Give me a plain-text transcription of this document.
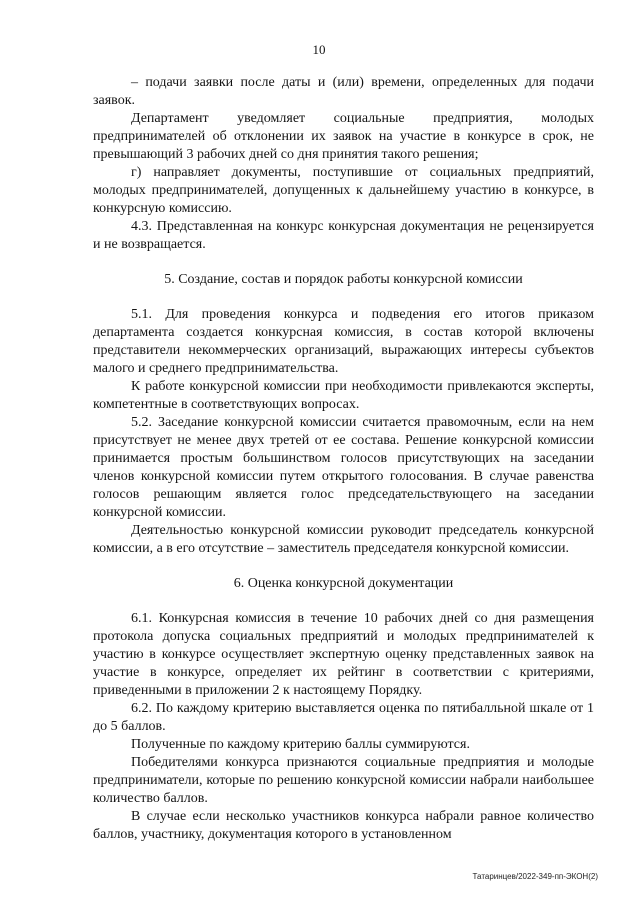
10

– подачи заявки после даты и (или) времени, определенных для подачи заявок.

Департамент уведомляет социальные предприятия, молодых предпринимателей об отклонении их заявок на участие в конкурсе в срок, не превышающий 3 рабочих дней со дня принятия такого решения;

г) направляет документы, поступившие от социальных предприятий, молодых предпринимателей, допущенных к дальнейшему участию в конкурсе, в конкурсную комиссию.

4.3. Представленная на конкурс конкурсная документация не рецензируется и не возвращается.

5. Создание, состав и порядок работы конкурсной комиссии

5.1. Для проведения конкурса и подведения его итогов приказом департамента создается конкурсная комиссия, в состав которой включены представители некоммерческих организаций, выражающих интересы субъектов малого и среднего предпринимательства.

К работе конкурсной комиссии при необходимости привлекаются эксперты, компетентные в соответствующих вопросах.

5.2. Заседание конкурсной комиссии считается правомочным, если на нем присутствует не менее двух третей от ее состава. Решение конкурсной комиссии принимается простым большинством голосов присутствующих на заседании членов конкурсной комиссии путем открытого голосования. В случае равенства голосов решающим является голос председательствующего на заседании конкурсной комиссии.

Деятельностью конкурсной комиссии руководит председатель конкурсной комиссии, а в его отсутствие – заместитель председателя конкурсной комиссии.

6. Оценка конкурсной документации

6.1. Конкурсная комиссия в течение 10 рабочих дней со дня размещения протокола допуска социальных предприятий и молодых предпринимателей к участию в конкурсе осуществляет экспертную оценку представленных заявок на участие в конкурсе, определяет их рейтинг в соответствии с критериями, приведенными в приложении 2 к настоящему Порядку.

6.2. По каждому критерию выставляется оценка по пятибалльной шкале от 1 до 5 баллов.

Полученные по каждому критерию баллы суммируются.

Победителями конкурса признаются социальные предприятия и молодые предприниматели, которые по решению конкурсной комиссии набрали наибольшее количество баллов.

В случае если несколько участников конкурса набрали равное количество баллов, участнику, документация которого в установленном

Татаринцев/2022-349-пп-ЭКОН(2)
